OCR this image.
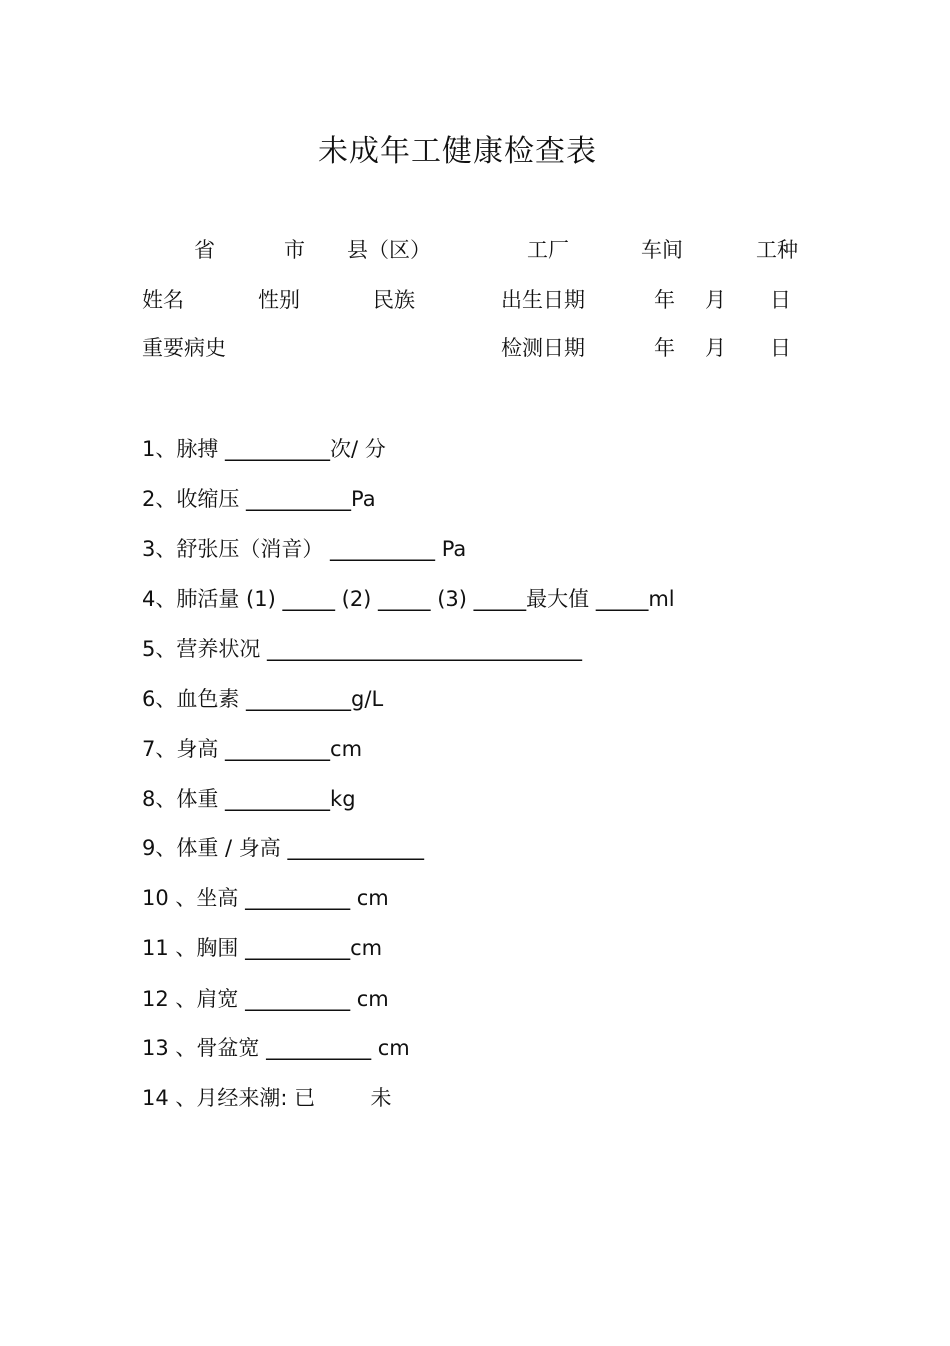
未成年工健康检查表
省	市 县（区）	工厂	车间	工种
姓名	性别	民族	出生日期	年 月 日
重要病史	检测日期	年 月 日
1、脉搏 __________次/ 分
2、收缩压 __________Pa
3、舒张压（消音） __________ Pa
4、肺活量 (1) _____ (2) _____ (3) _____最大值 _____ml
5、营养状况 ______________________________
6、血色素 __________g/L
7、身高 __________cm
8、体重 __________kg
9、体重 / 身高 _____________
10 、坐高 __________ cm
11 、胸围 __________cm
12 、肩宽 __________ cm
13 、骨盆宽 __________ cm
14 、月经来潮: 已 　　 未
